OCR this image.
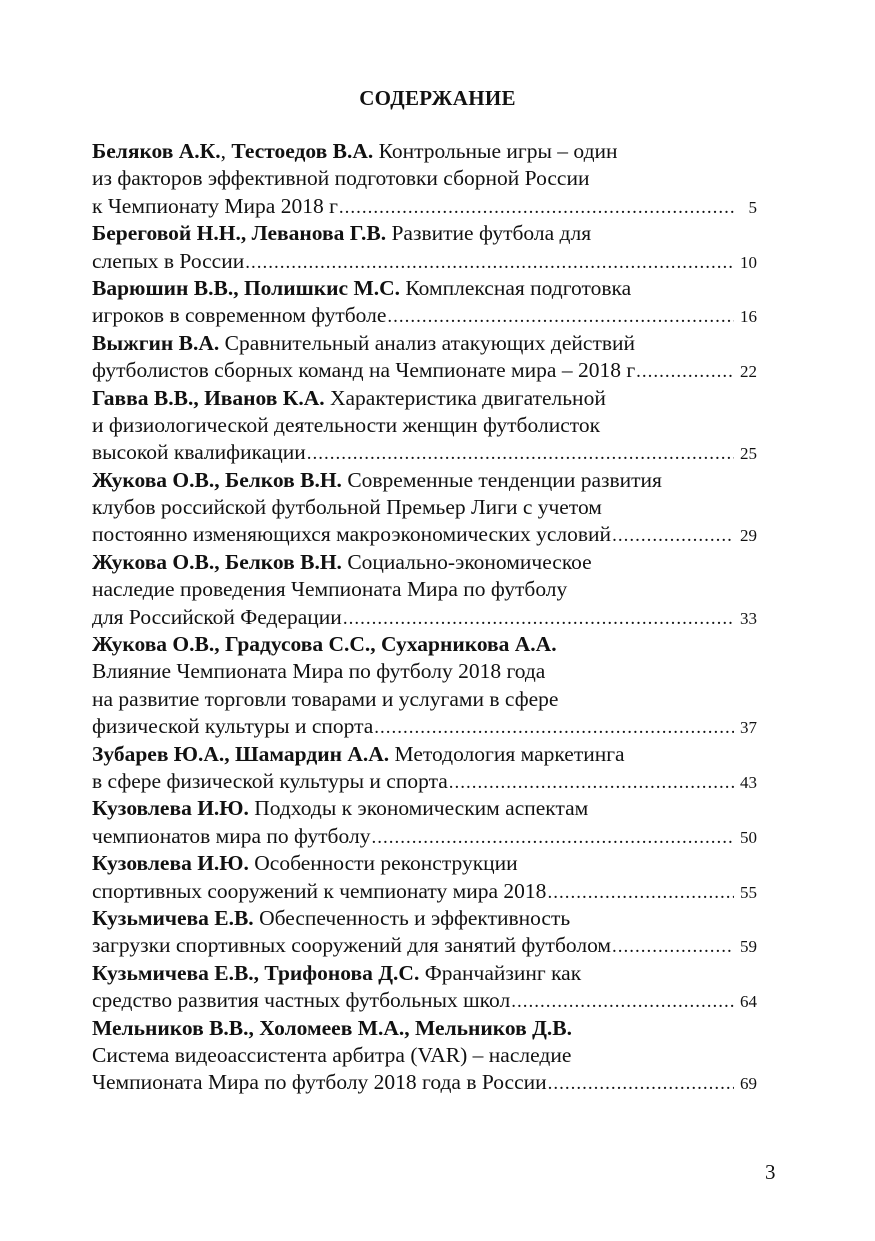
СОДЕРЖАНИЕ
Беляков А.К., Тестоедов В.А. Контрольные игры – один
из факторов эффективной подготовки сборной России
к Чемпионату Мира 2018 г .....	5
Береговой Н.Н., Леванова Г.В. Развитие футбола для
слепых в России .....	10
Варюшин В.В., Полишкис М.С. Комплексная подготовка
игроков в современном футболе .....	16
Выжгин В.А. Сравнительный анализ атакующих действий
футболистов сборных команд на Чемпионате мира – 2018 г .....	22
Гавва В.В., Иванов К.А. Характеристика двигательной
и физиологической деятельности женщин футболисток
высокой квалификации .....	25
Жукова О.В., Белков В.Н. Современные тенденции развития
клубов российской футбольной Премьер Лиги с учетом
постоянно изменяющихся макроэкономических условий .....	29
Жукова О.В., Белков В.Н. Социально-экономическое
наследие проведения Чемпионата Мира по футболу
для Российской Федерации .....	33
Жукова О.В., Градусова С.С., Сухарникова А.А.
Влияние Чемпионата Мира по футболу 2018 года
на развитие торговли товарами и услугами в сфере
физической культуры и спорта .....	37
Зубарев Ю.А., Шамардин А.А. Методология маркетинга
в сфере физической культуры и спорта .....	43
Кузовлева И.Ю. Подходы к экономическим аспектам
чемпионатов мира по футболу .....	50
Кузовлева И.Ю. Особенности реконструкции
спортивных сооружений к чемпионату мира 2018 .....	55
Кузьмичева Е.В. Обеспеченность и эффективность
загрузки спортивных сооружений для занятий футболом .....	59
Кузьмичева Е.В., Трифонова Д.С. Франчайзинг как
средство развития частных футбольных школ .....	64
Мельников В.В., Холомеев М.А., Мельников Д.В.
Система видеоассистента арбитра (VAR) – наследие
Чемпионата Мира по футболу 2018 года в России .....	69
3
